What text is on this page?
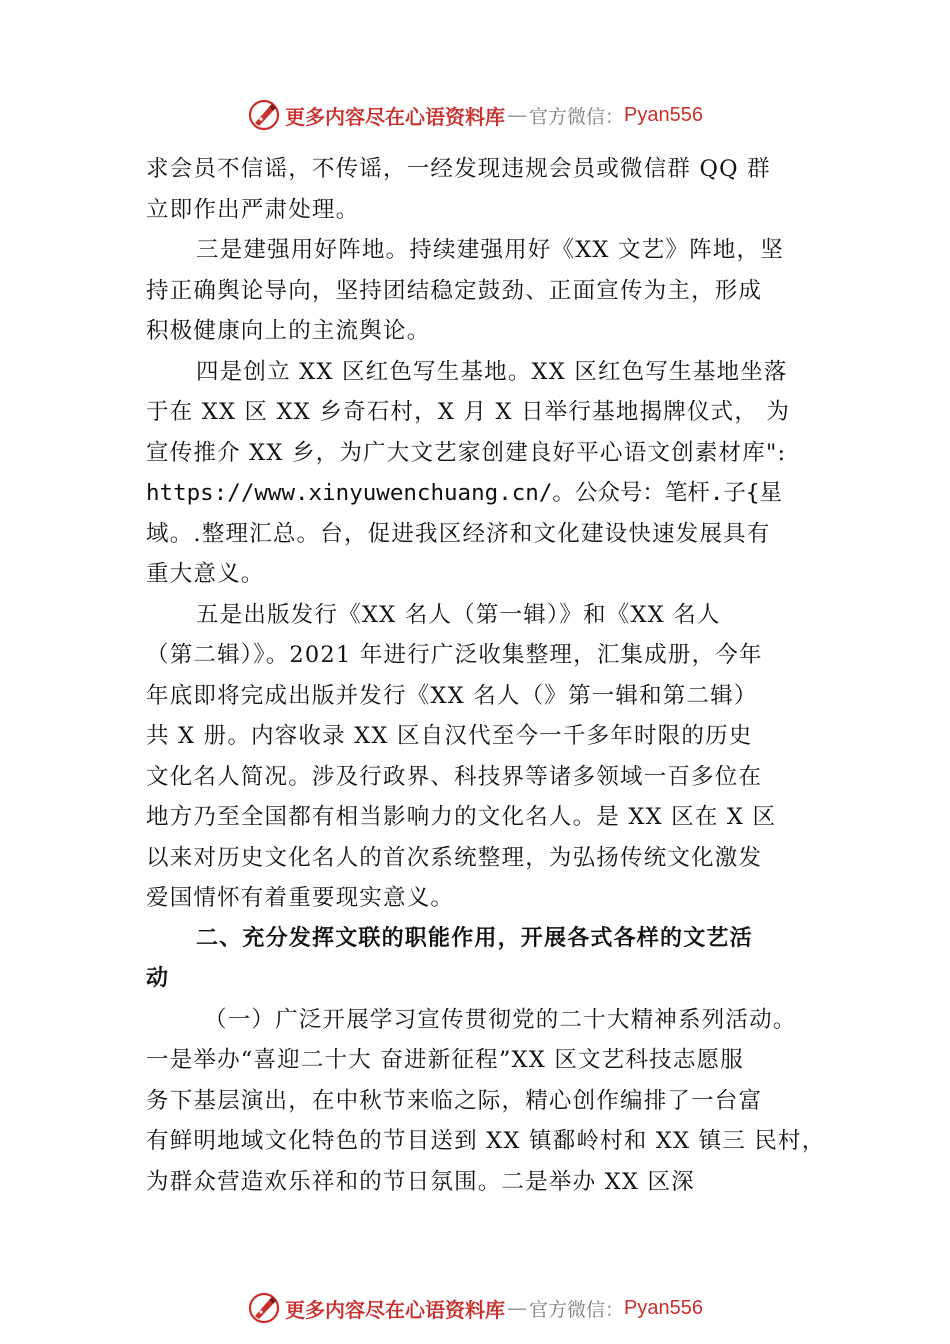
更多内容尽在心语资料库 — 官方微信 ： Pyan556
求会员不信谣，不传谣，一经发现违规会员或微信群 QQ 群
立即作出严肃处理。
三是建强用好阵地。持续建强用好《XX 文艺》阵地，坚
持正确舆论导向，坚持团结稳定鼓劲、正面宣传为主，形成
积极健康向上的主流舆论。
四是创立 XX 区红色写生基地。XX 区红色写生基地坐落
于在 XX 区 XX 乡奇石村，X 月 X 日举行基地揭牌仪式， 为
宣传推介 XX 乡，为广大文艺家创建良好平心语文创素材库":
https://www.xinyuwenchuang.cn/。公众号：笔杆.子{星
域。.整理汇总。台，促进我区经济和文化建设快速发展具有
重大意义。
五是出版发行《XX 名人（第一辑）》和《XX 名人
（第二辑）》。2021 年进行广泛收集整理，汇集成册，今年
年底即将完成出版并发行《XX 名人（》第一辑和第二辑）
共 X 册。内容收录 XX 区自汉代至今一千多年时限的历史
文化名人简况。涉及行政界、科技界等诸多领域一百多位在
地方乃至全国都有相当影响力的文化名人。是 XX 区在 X 区
以来对历史文化名人的首次系统整理，为弘扬传统文化激发
爱国情怀有着重要现实意义。
二、充分发挥文联的职能作用，开展各式各样的文艺活
动
（一）广泛开展学习宣传贯彻党的二十大精神系列活动。
一是举办“喜迎二十大 奋进新征程”XX 区文艺科技志愿服
务下基层演出，在中秋节来临之际，精心创作编排了一台富
有鲜明地域文化特色的节目送到 XX 镇鄱岭村和 XX 镇三 民村，
为群众营造欢乐祥和的节日氛围。二是举办 XX 区深
更多内容尽在心语资料库 — 官方微信 ： Pyan556
